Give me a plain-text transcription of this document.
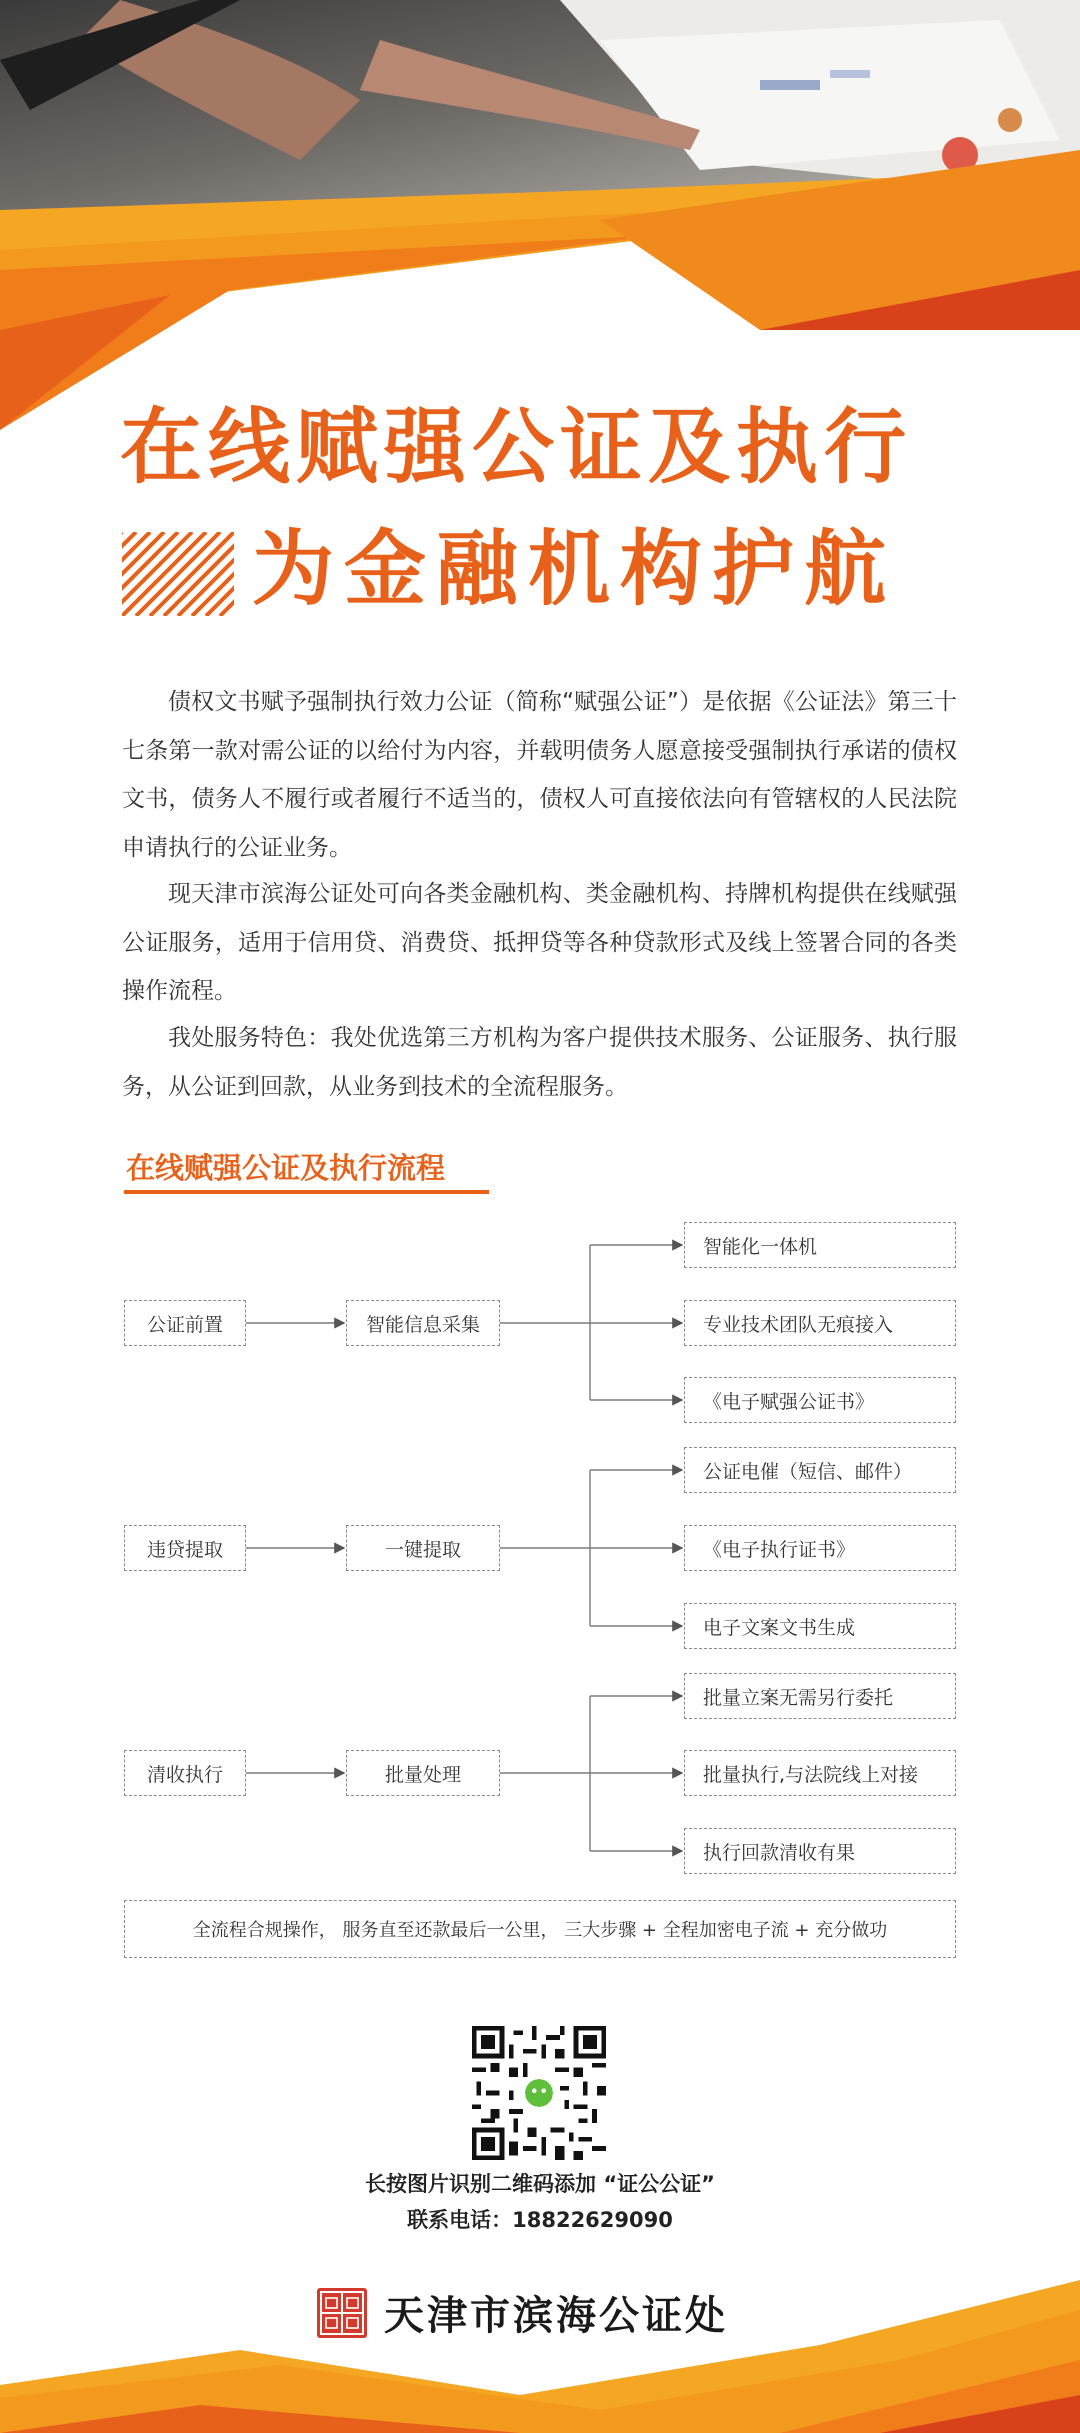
在线赋强公证及执行
为金融机构护航
债权文书赋予强制执行效力公证（简称“赋强公证”）是依据《公证法》第三十七条第一款对需公证的以给付为内容，并载明债务人愿意接受强制执行承诺的债权文书，债务人不履行或者履行不适当的，债权人可直接依法向有管辖权的人民法院申请执行的公证业务。
现天津市滨海公证处可向各类金融机构、类金融机构、持牌机构提供在线赋强公证服务，适用于信用贷、消费贷、抵押贷等各种贷款形式及线上签署合同的各类操作流程。
我处服务特色：我处优选第三方机构为客户提供技术服务、公证服务、执行服务，从公证到回款，从业务到技术的全流程服务。
在线赋强公证及执行流程
公证前置	智能信息采集
智能化一体机
专业技术团队无痕接入
《电子赋强公证书》
违贷提取	一键提取
公证电催（短信、邮件）
《电子执行证书》
电子文案文书生成
清收执行	批量处理
批量立案无需另行委托
批量执行,与法院线上对接
执行回款清收有果
全流程合规操作， 服务直至还款最后一公里， 三大步骤 + 全程加密电子流 + 充分做功
长按图片识别二维码添加 “证公公证”
联系电话：18822629090
天津市滨海公证处
